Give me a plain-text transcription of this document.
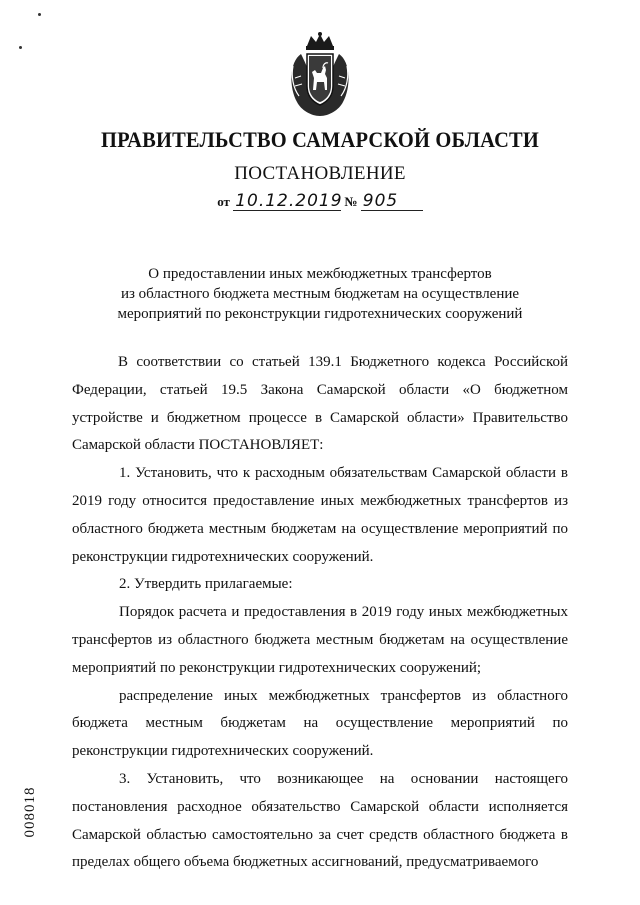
ПРАВИТЕЛЬСТВО САМАРСКОЙ ОБЛАСТИ
ПОСТАНОВЛЕНИЕ
от 10.12.2019 № 905
О предоставлении иных межбюджетных трансфертов
из областного бюджета местным бюджетам на осуществление
мероприятий по реконструкции гидротехнических сооружений

В соответствии со статьей 139.1 Бюджетного кодекса Российской Федерации, статьей 19.5 Закона Самарской области «О бюджетном устройстве и бюджетном процессе в Самарской области» Правительство Самарской области ПОСТАНОВЛЯЕТ:

1. Установить, что к расходным обязательствам Самарской области в 2019 году относится предоставление иных межбюджетных трансфертов из областного бюджета местным бюджетам на осуществление мероприятий по реконструкции гидротехнических сооружений.

2. Утвердить прилагаемые:

Порядок расчета и предоставления в 2019 году иных межбюджетных трансфертов из областного бюджета местным бюджетам на осуществление мероприятий по реконструкции гидротехнических сооружений;

распределение иных межбюджетных трансфертов из областного бюджета местным бюджетам на осуществление мероприятий по реконструкции гидротехнических сооружений.

3. Установить, что возникающее на основании настоящего постановления расходное обязательство Самарской области исполняется Самарской областью самостоятельно за счет средств областного бюджета в пределах общего объема бюджетных ассигнований, предусматриваемого

008018
